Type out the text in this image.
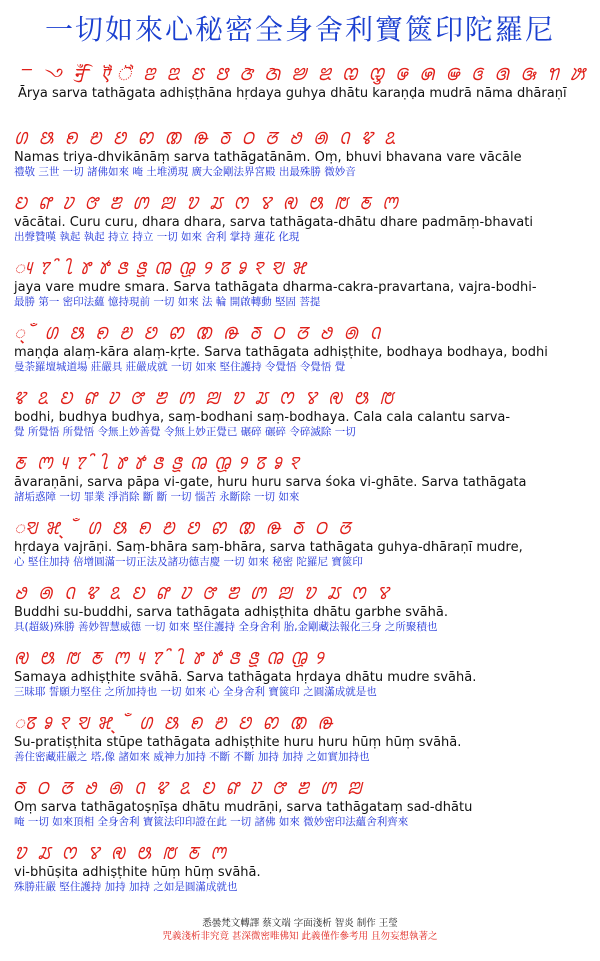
一切如來心秘密全身舍利寶篋印陀羅尼
ꣻ ꣼ ꣽ ꣾ ꣿ ꢂ ꢃ ꢄ ꢅ ꢆ ꢇ ꢈ ꢉ ꢊ ꢋ ꢌ ꢍ ꢎ ꢏ ꢐ ꢑ ꢒ ꢓ
Ārya sarva tathāgata adhiṣṭhāna hṛdaya guhya dhātu karaṇḍa mudrā nāma dhāraṇī
ꢔ ꢕ ꢖ ꢗ ꢘ ꢙ ꢚ ꢛ ꢜ ꢝ ꢞ ꢟ ꢠ ꢡ ꢢ ꢣ
Namas triya-dhvikānāṃ sarva tathāgatānām. Oṃ, bhuvi bhavana vare vācāle
禮敬 三世 一切 諸佛如來 唵 土堆湧現 廣大金剛法界宮殿 出最殊勝 微妙音
ꢤ ꢥ ꢦ ꢧ ꢨ ꢩ ꢪ ꢫ ꢬ ꢭ ꢮ ꢯ ꢰ ꢱ ꢲ ꢳ
vācātai. Curu curu, dhara dhara, sarva tathāgata-dhātu dhare padmāṃ-bhavati
出聲贊嘆 執起 執起 持立 持立 一切 如來 舍利 掌持 蓮花 化現
ꢴ ꢵ ꢶ ꢷ ꢸ ꢹ ꢺ ꢻ ꢼ ꢽ ꢾ ꢿ ꣀ ꣁ ꣂ ꣃ
jaya vare mudre smara. Sarva tathāgata dharma-cakra-pravartana, vajra-bodhi-
最勝 第一 密印法蘊 憶持現前 一切 如來 法 輪 開啟轉動 堅固 菩提
꣄ ꣅ ꢔ ꢕ ꢖ ꢗ ꢘ ꢙ ꢚ ꢛ ꢜ ꢝ ꢞ ꢟ ꢠ ꢡ
maṇḍa alaṃ-kāra alaṃ-kṛte. Sarva tathāgata adhiṣṭhite, bodhaya bodhaya, bodhi
曼荼羅壇城道場 莊嚴具 莊嚴成就 一切 如來 堅住護持 令覺悟 令覺悟 覺
ꢢ ꢣ ꢤ ꢥ ꢦ ꢧ ꢨ ꢩ ꢪ ꢫ ꢬ ꢭ ꢮ ꢯ ꢰ ꢱ
bodhi, budhya budhya, saṃ-bodhani saṃ-bodhaya. Cala cala calantu sarva-
覺 所覺悟 所覺悟 令無上妙善覺 令無上妙正覺已 碾碎 碾碎 令碎滅除 一切
ꢲ ꢳ ꢴ ꢵ ꢶ ꢷ ꢸ ꢹ ꢺ ꢻ ꢼ ꢽ ꢾ ꢿ ꣀ ꣁ
āvaraṇāni, sarva pāpa vi-gate, huru huru sarva śoka vi-ghāte. Sarva tathāgata
諸垢惑障 一切 罪業 淨消除 斷 斷 一切 惱苦 永斷除 一切 如來
ꣂ ꣃ ꣄ ꣅ ꢔ ꢕ ꢖ ꢗ ꢘ ꢙ ꢚ ꢛ ꢜ ꢝ ꢞ
hṛdaya vajrāṇi. Saṃ-bhāra saṃ-bhāra, sarva tathāgata guhya-dhāraṇī mudre,
心 堅住加持 倍增圓滿一切正法及諸功德吉慶 一切 如來 秘密 陀羅尼 寶篋印
ꢟ ꢠ ꢡ ꢢ ꢣ ꢤ ꢥ ꢦ ꢧ ꢨ ꢩ ꢪ ꢫ ꢬ ꢭ ꢮ
Buddhi su-buddhi, sarva tathāgata adhiṣṭhita dhātu garbhe svāhā.
具(超級)殊勝 善妙智慧威德 一切 如來 堅住護持 全身舍利 胎,金剛藏法報化三身 之所聚積也
ꢯ ꢰ ꢱ ꢲ ꢳ ꢴ ꢵ ꢶ ꢷ ꢸ ꢹ ꢺ ꢻ ꢼ ꢽ ꢾ
Samaya adhiṣṭhite svāhā. Sarva tathāgata hṛdaya dhātu mudre svāhā.
三昧耶 誓願力堅住 之所加持也 一切 如來 心 全身舍利 寶篋印 之圓滿成就是也
ꢿ ꣀ ꣁ ꣂ ꣃ ꣄ ꣅ ꢔ ꢕ ꢖ ꢗ ꢘ ꢙ ꢚ ꢛ
Su-pratiṣṭhita stūpe tathāgata adhiṣṭhite huru huru hūṃ hūṃ svāhā.
善住密藏莊嚴之 塔,像 諸如來 威神力加持 不斷 不斷 加持 加持 之如實加持也
ꢜ ꢝ ꢞ ꢟ ꢠ ꢡ ꢢ ꢣ ꢤ ꢥ ꢦ ꢧ ꢨ ꢩ ꢪ
Oṃ sarva tathāgatoṣṇīṣa dhātu mudrāṇi, sarva tathāgataṃ sad-dhātu
唵 一切 如來頂相 全身舍利 寶篋法印印證在此 一切 諸佛 如來 微妙密印法蘊舍利齊來
ꢫ ꢬ ꢭ ꢮ ꢯ ꢰ ꢱ ꢲ ꢳ
vi-bhūṣita adhiṣṭhite hūṃ hūṃ svāhā.
殊勝莊嚴 堅住護持 加持 加持 之如是圓滿成就也
悉曇梵文轉譯 蔡文端 字面淺析 智炎 制作 王瑩
咒義淺析非究竟 甚深微密唯佛知 此義僅作參考用 且勿妄想執著之
